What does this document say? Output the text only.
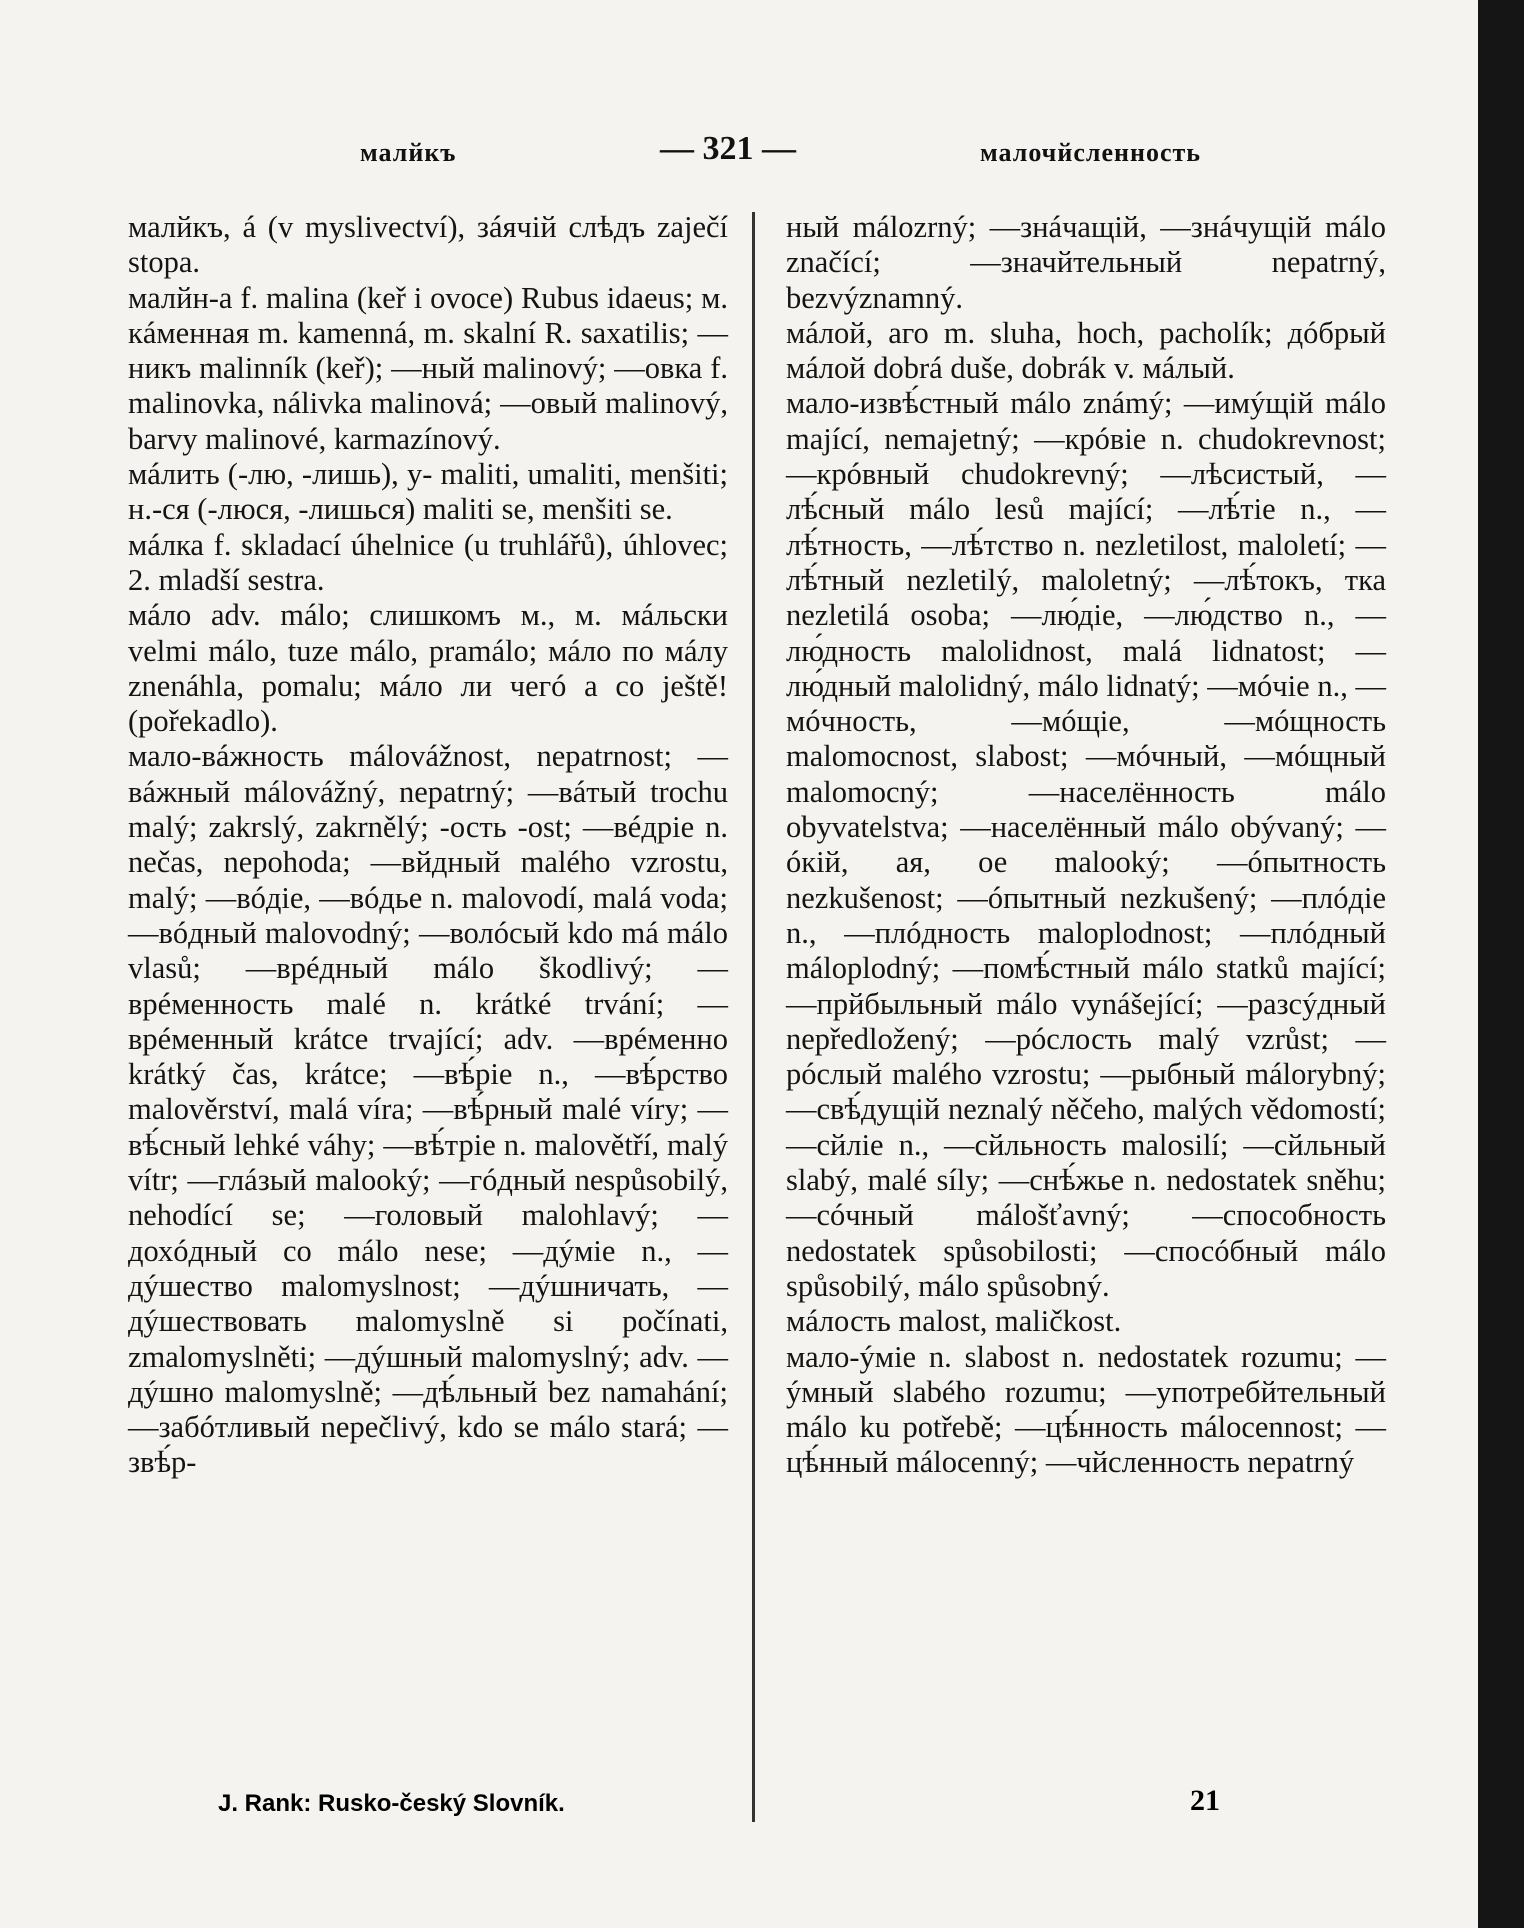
малйкъ	— 321 —	малочйсленность

малйкъ, á (v myslivectví), зáячій слѣдъ zaječí stopa.

малйн-а f. malina (keř i ovoce) Rubus idaeus; м. кáменная m. kamenná, m. skalní R. saxatilis; —никъ malinník (keř); —ный malinový; —овка f. malinovka, nálivka malinová; —овый malinový, barvy malinové, karmazínový.

мáлить (-лю, -лишь), у- maliti, umaliti, menšiti; н.-ся (-люся, -лишься) maliti se, menšiti se.

мáлка f. skladací úhelnice (u truhlářů), úhlovec; 2. mladší sestra.

мáло adv. málo; слишкомъ м., м. мáльски velmi málo, tuze málo, pramálo; мáло по мáлу znenáhla, pomalu; мáло ли чегó а со ještě! (pořekadlo).

мало-вáжность málovážnost, nepatrnost; —вáжный málovážný, nepatrný; —вáтый trochu malý; zakrslý, zakrnělý; -ость -ost; —вéдріе n. nečas, nepohoda; —вйдный malého vzrostu, malý; —вóдіе, —вóдье n. malovodí, malá voda; —вóдный malovodný; —волóсый kdo má málo vlasů; —врéдный málo škodlivý; —врéменность malé n. krátké trvání; —врéменный krátce trvající; adv. —врéменно krátký čas, krátce; —вѣ́ріе n., —вѣ́рство malověrství, malá víra; —вѣ́рный malé víry; —вѣ́сный lehké váhy; —вѣ́тріе n. malovětří, malý vítr; —глáзый malooký; —гóдный nespůsobilý, nehodící se; —головый malohlavý; —дохóдный co málo nese; —дýміе n., —дýшество malomyslnost; —дýшничать, —дýшествовать malomyslně si počínati, zmalomyslněti; —дýшный malomyslný; adv. —дýшно malomyslně; —дѣ́льный bez namahání; —забóтливый nepečlivý, kdo se málo stará; —звѣ́р-

ный málozrný; —знáчащій, —знáчущій málo značící; —значйтельный nepatrný, bezvýznamný.

мáлой, аго m. sluha, hoch, pacholík; дóбрый мáлой dobrá duše, dobrák v. мáлый.

мало-извѣ́стный málo známý; —имýщій málo mající, nemajetný; —крóвіе n. chudokrevnost; —крóвный chudokrevný; —лѣсистый, —лѣ́сный málo lesů mající; —лѣ́тіе n., —лѣ́тность, —лѣ́тство n. nezletilost, maloletí; —лѣ́тный nezletilý, maloletný; —лѣ́токъ, тка nezletilá osoba; —лю́діе, —лю́дство n., —лю́дность malolidnost, malá lidnatost; —лю́дный malolidný, málo lidnatý; —мóчіе n., —мóчность, —мóщіе, —мóщность malomocnost, slabost; —мóчный, —мóщный malomocný; —населённость málo obyvatelstva; —населённый málo obývaný; —óкій, ая, ое malooký; —óпытность nezkušenost; —óпытный nezkušený; —плóдіе n., —плóдность maloplodnost; —плóдный máloplodný; —помѣ́стный málo statků mající; —прйбыльный málo vynášející; —разсýдный nepředložený; —рóслость malý vzrůst; —рóслый malého vzrostu; —рыбный málorybný; —свѣ́дущій neznalý něčeho, malých vědomostí; —сйліе n., —сйльность malosilí; —сйльный slabý, malé síly; —снѣ́жье n. nedostatek sněhu; —сóчный málošťavný; —способность nedostatek spůsobilosti; —спосóбный málo spůsobilý, málo spůsobný.

мáлость malost, maličkost.

мало-ýміе n. slabost n. nedostatek rozumu; —ýмный slabého rozumu; —употребйтельный málo ku potřebě; —цѣ́нность málocennost; —цѣ́нный málocenný; —чйсленность nepatrný

J. Rank: Rusko-český Slovník.	21
